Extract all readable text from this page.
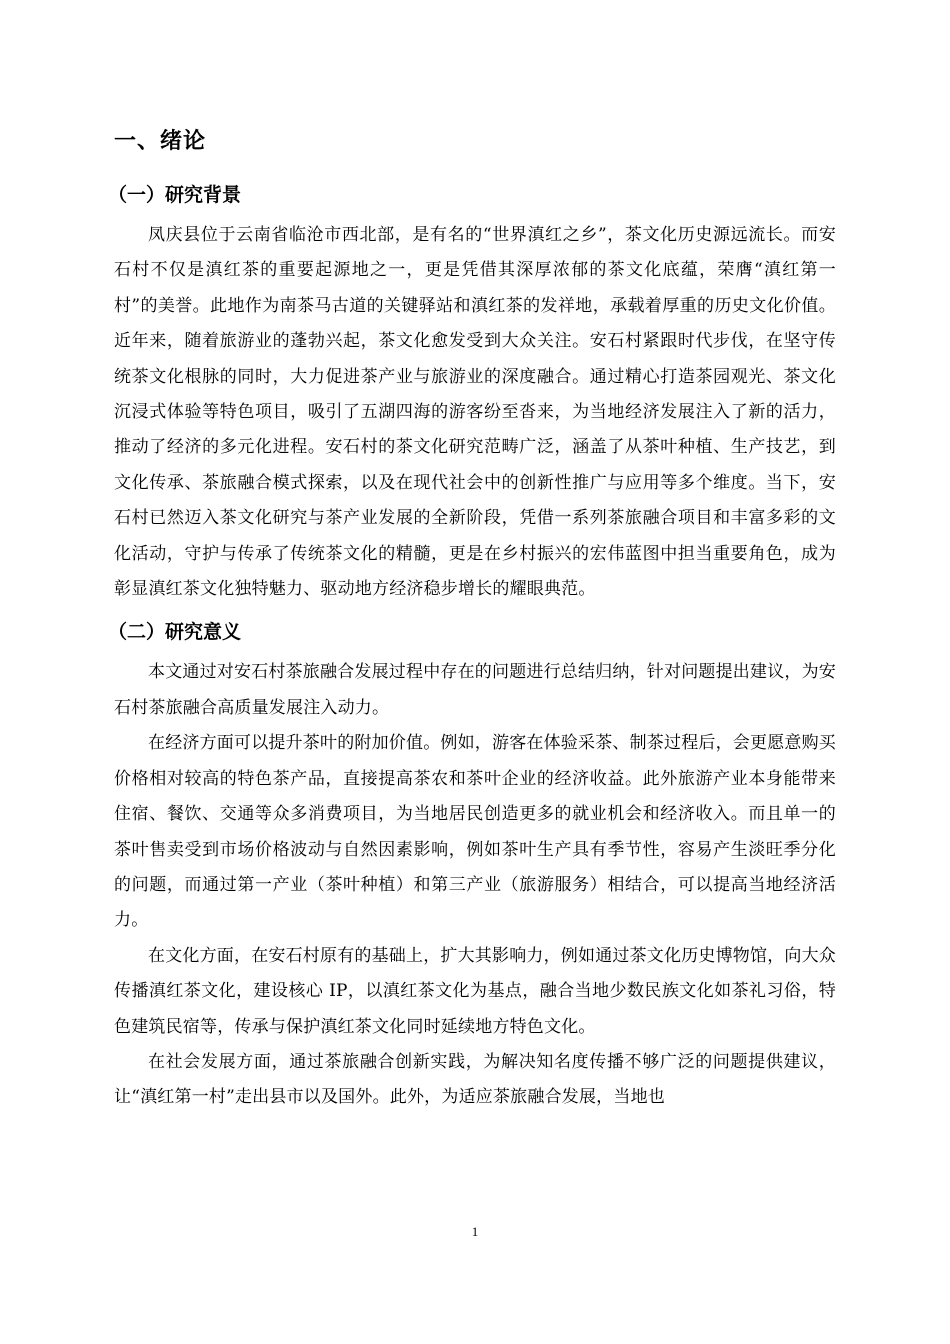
一、绪论
（一）研究背景

凤庆县位于云南省临沧市西北部，是有名的“世界滇红之乡”，茶文化历史源远流长。而安石村不仅是滇红茶的重要起源地之一，更是凭借其深厚浓郁的茶文化底蕴，荣膺“滇红第一村”的美誉。此地作为南茶马古道的关键驿站和滇红茶的发祥地，承载着厚重的历史文化价值。近年来，随着旅游业的蓬勃兴起，茶文化愈发受到大众关注。安石村紧跟时代步伐，在坚守传统茶文化根脉的同时，大力促进茶产业与旅游业的深度融合。通过精心打造茶园观光、茶文化沉浸式体验等特色项目，吸引了五湖四海的游客纷至沓来，为当地经济发展注入了新的活力，推动了经济的多元化进程。安石村的茶文化研究范畴广泛，涵盖了从茶叶种植、生产技艺，到文化传承、茶旅融合模式探索，以及在现代社会中的创新性推广与应用等多个维度。当下，安石村已然迈入茶文化研究与茶产业发展的全新阶段，凭借一系列茶旅融合项目和丰富多彩的文化活动，守护与传承了传统茶文化的精髓，更是在乡村振兴的宏伟蓝图中担当重要角色，成为彰显滇红茶文化独特魅力、驱动地方经济稳步增长的耀眼典范。

（二）研究意义

本文通过对安石村茶旅融合发展过程中存在的问题进行总结归纳，针对问题提出建议，为安石村茶旅融合高质量发展注入动力。

在经济方面可以提升茶叶的附加价值。例如，游客在体验采茶、制茶过程后，会更愿意购买价格相对较高的特色茶产品，直接提高茶农和茶叶企业的经济收益。此外旅游产业本身能带来住宿、餐饮、交通等众多消费项目，为当地居民创造更多的就业机会和经济收入。而且单一的茶叶售卖受到市场价格波动与自然因素影响，例如茶叶生产具有季节性，容易产生淡旺季分化的问题，而通过第一产业（茶叶种植）和第三产业（旅游服务）相结合，可以提高当地经济活力。

在文化方面，在安石村原有的基础上，扩大其影响力，例如通过茶文化历史博物馆，向大众传播滇红茶文化，建设核心 IP，以滇红茶文化为基点，融合当地少数民族文化如茶礼习俗，特色建筑民宿等，传承与保护滇红茶文化同时延续地方特色文化。

在社会发展方面，通过茶旅融合创新实践，为解决知名度传播不够广泛的问题提供建议，让“滇红第一村”走出县市以及国外。此外，为适应茶旅融合发展，当地也

1
